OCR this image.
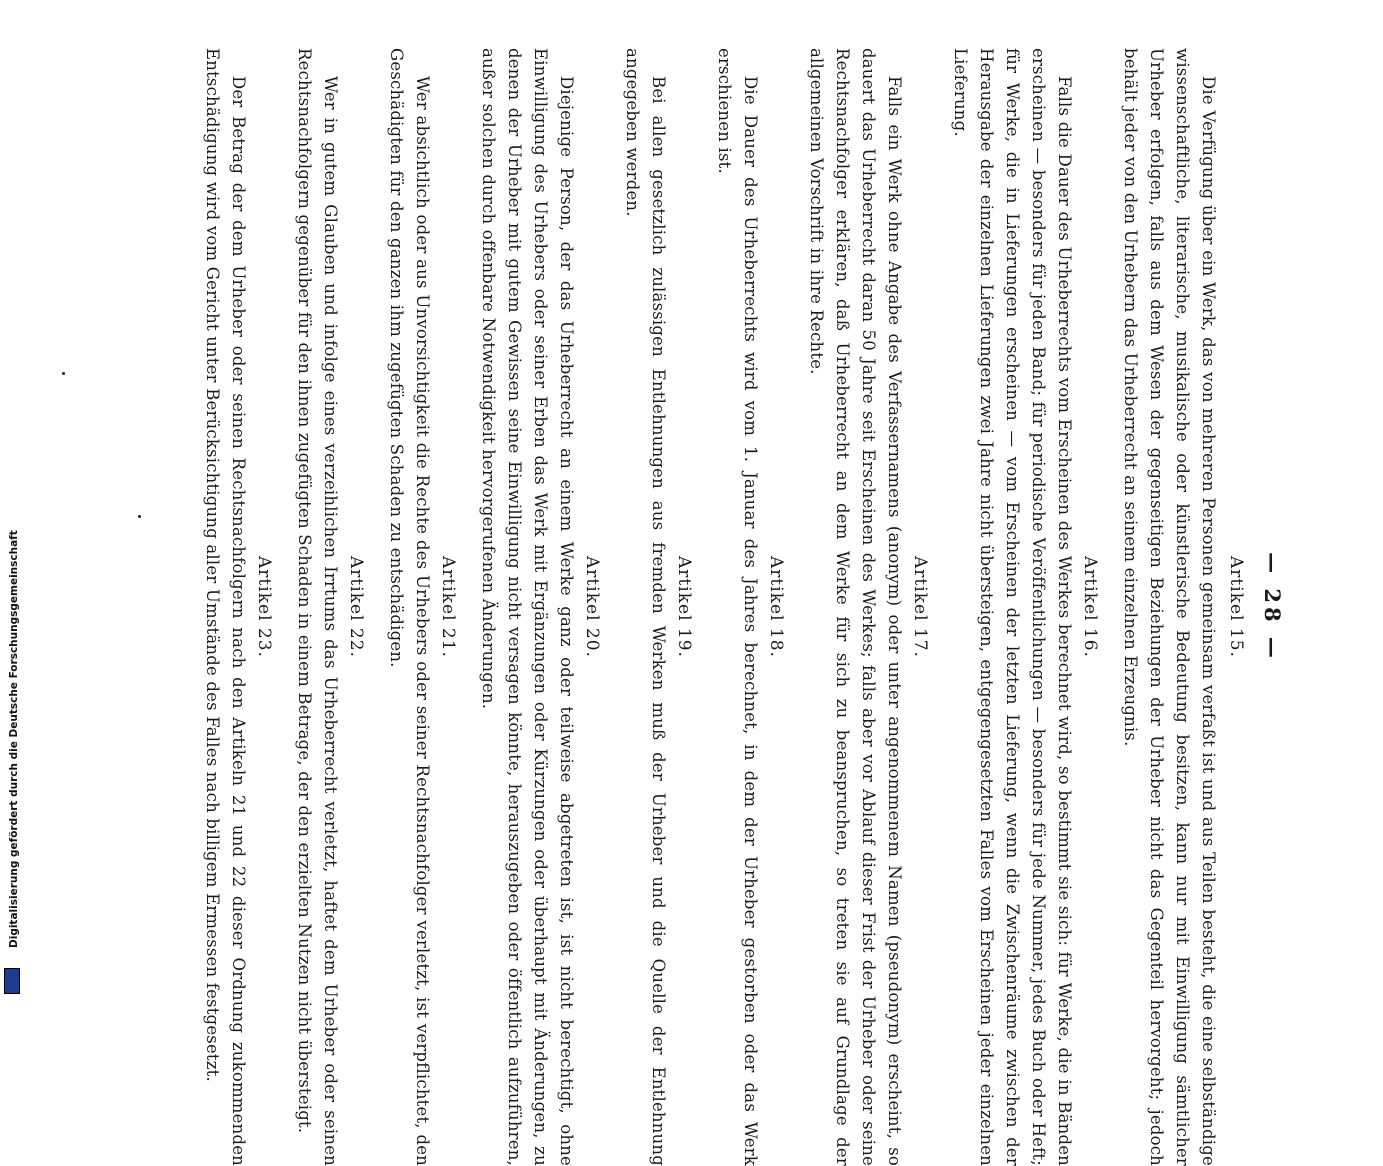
— 28 —
Artikel 15.
Die Verfügung über ein Werk, das von mehreren Personen gemeinsam verfaßt ist und aus Teilen besteht, die eine selbständige wissenschaftliche, literarische, musikalische oder künstlerische Bedeutung besitzen, kann nur mit Einwilligung sämtlicher Urheber erfolgen, falls aus dem Wesen der gegenseitigen Beziehungen der Urheber nicht das Gegenteil hervorgeht; jedoch behält jeder von den Urhebern das Urheberrecht an seinem einzelnen Erzeugnis.
Artikel 16.
Falls die Dauer des Urheberrechts vom Erscheinen des Werkes berechnet wird, so bestimmt sie sich: für Werke, die in Bänden erscheinen — besonders für jeden Band; für periodische Veröffentlichungen — besonders für jede Nummer, jedes Buch oder Heft; für Werke, die in Lieferungen erscheinen — vom Erscheinen der letzten Lieferung, wenn die Zwischenräume zwischen der Herausgabe der einzelnen Lieferungen zwei Jahre nicht übersteigen, entgegengesetzten Falles vom Erscheinen jeder einzelnen Lieferung.
Artikel 17.
Falls ein Werk ohne Angabe des Verfassernamens (anonym) oder unter angenommenem Namen (pseudonym) erscheint, so dauert das Urheberrecht daran 50 Jahre seit Erscheinen des Werkes; falls aber vor Ablauf dieser Frist der Urheber oder seine Rechtsnachfolger erklären, daß Urheberrecht an dem Werke für sich zu beanspruchen, so treten sie auf Grundlage der allgemeinen Vorschrift in ihre Rechte.
Artikel 18.
Die Dauer des Urheberrechts wird vom 1. Januar des Jahres berechnet, in dem der Urheber gestorben oder das Werk erschienen ist.
Artikel 19.
Bei allen gesetzlich zulässigen Entlehnungen aus fremden Werken muß der Urheber und die Quelle der Entlehnung angegeben werden.
Artikel 20.
Diejenige Person, der das Urheberrecht an einem Werke ganz oder teilweise abgetreten ist, ist nicht berechtigt, ohne Einwilligung des Urhebers oder seiner Erben das Werk mit Ergänzungen oder Kürzungen oder überhaupt mit Änderungen, zu denen der Urheber mit gutem Gewissen seine Einwilligung nicht versagen könnte, herauszugeben oder öffentlich aufzuführen, außer solchen durch offenbare Notwendigkeit hervorgerufenen Änderungen.
Artikel 21.
Wer absichtlich oder aus Unvorsichtigkeit die Rechte des Urhebers oder seiner Rechtsnachfolger verletzt, ist verpflichtet, den Geschädigten für den ganzen ihm zugefügten Schaden zu entschädigen.
Artikel 22.
Wer in gutem Glauben und infolge eines verzeihlichen Irrtums das Urheberrecht verletzt, haftet dem Urheber oder seinen Rechtsnachfolgern gegenüber für den ihnen zugefügten Schaden in einem Betrage, der den erzielten Nutzen nicht übersteigt.
Artikel 23.
Der Betrag der dem Urheber oder seinen Rechtsnachfolgern nach den Artikeln 21 und 22 dieser Ordnung zukommenden Entschädigung wird vom Gericht unter Berücksichtigung aller Umstände des Falles nach billigem Ermessen festgesetzt.
Digitalisierung gefördert durch die Deutsche Forschungsgemeinschaft
